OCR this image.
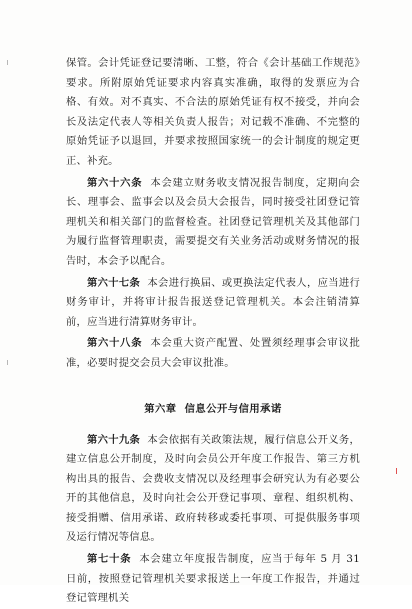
保管。会计凭证登记要清晰、工整，符合《会计基础工作规范》要求。所附原始凭证要求内容真实准确，取得的发票应为合格、有效。对不真实、不合法的原始凭证有权不接受，并向会长及法定代表人等相关负责人报告；对记载不准确、不完整的原始凭证予以退回，并要求按照国家统一的会计制度的规定更正、补充。

第六十六条 本会建立财务收支情况报告制度，定期向会长、理事会、监事会以及会员大会报告，同时接受社团登记管理机关和相关部门的监督检查。社团登记管理机关及其他部门为履行监督管理职责，需要提交有关业务活动或财务情况的报告时，本会予以配合。

第六十七条 本会进行换届、或更换法定代表人，应当进行财务审计，并将审计报告报送登记管理机关。本会注销清算前，应当进行清算财务审计。

第六十八条 本会重大资产配置、处置须经理事会审议批准，必要时提交会员大会审议批准。

第六章 信息公开与信用承诺

第六十九条 本会依据有关政策法规，履行信息公开义务，建立信息公开制度，及时向会员公开年度工作报告、第三方机构出具的报告、会费收支情况以及经理事会研究认为有必要公开的其他信息，及时向社会公开登记事项、章程、组织机构、接受捐赠、信用承诺、政府转移或委托事项、可提供服务事项及运行情况等信息。

第七十条 本会建立年度报告制度，应当于每年 5 月 31 日前，按照登记管理机关要求报送上一年度工作报告，并通过登记管理机关
